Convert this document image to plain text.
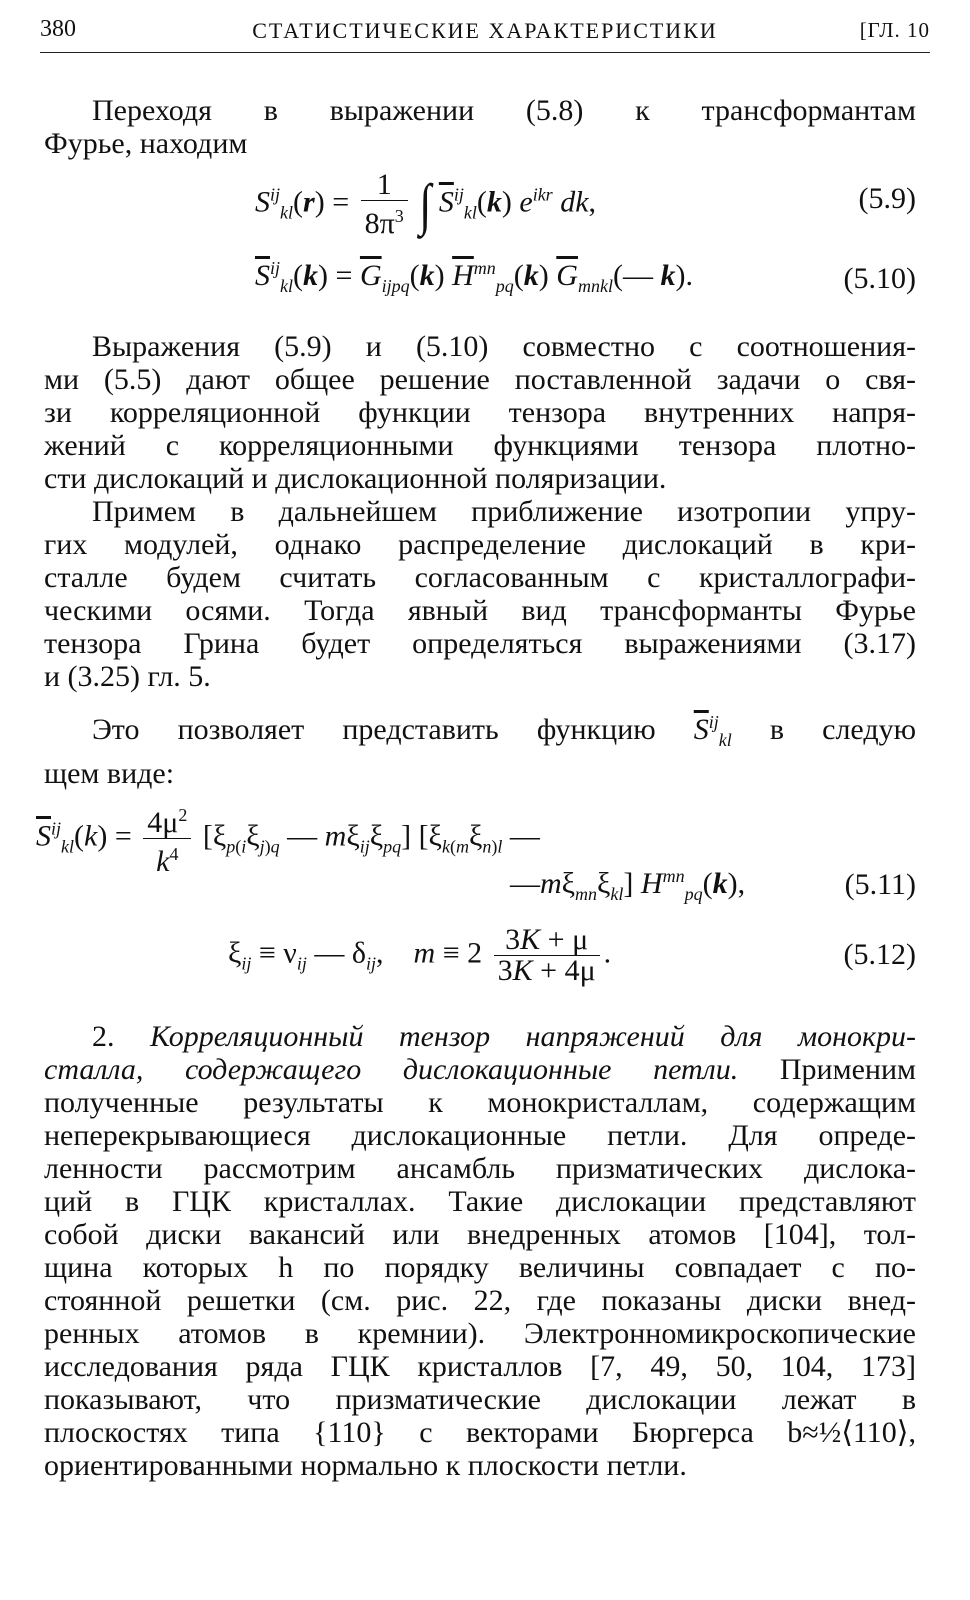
380	СТАТИСТИЧЕСКИЕ ХАРАКТЕРИСТИКИ	[ГЛ. 10
Переходя в выражении (5.8) к трансформантам
Фурье, находим
$S^{ij}_{kl}(r) = \frac{1}{8\pi^3}$ ∫ $\overline{S}^{ij}_{kl}(k)$ $e^{ikr}$ dk,	(5.9)
$\overline{S}^{ij}_{kl}(k) = \overline{G}_{ijpq}(k)$ $\overline{H}^{mn}_{pq}(k)$ $\overline{G}_{mnkl}(—$ k).	(5.10)
Выражения (5.9) и (5.10) совместно с соотношения-
ми (5.5) дают общее решение поставленной задачи о свя-
зи корреляционной функции тензора внутренних напря-
жений с корреляционными функциями тензора плотно-
сти дислокаций и дислокационной поляризации.
Примем в дальнейшем приближение изотропии упру-
гих модулей, однако распределение дислокаций в кри-
сталле будем считать согласованным с кристаллографи-
ческими осями. Тогда явный вид трансформанты Фурье
тензора Грина будет определяться выражениями (3.17)
и (3.25) гл. 5.
Это позволяет представить функцию $\overline{S}^{ij}_{kl}$ в следую
щем виде:
$\overline{S}^{ij}_{kl}(k) = \frac{4\mu^2}{k^4} [\xi_{p(i}\xi_{j)q}$ — $m\xi_{ij}\xi_{pq}$] [$\xi_{k(m}\xi_{n)l}$ —
$—m\xi_{mn}\xi_{kl}$] $H^{mn}_{pq}(k)$,	(5.11)
$\xi_{ij} \equiv \nu_{ij}$ — $\delta_{ij}$,    $m \equiv 2 \frac{3K + \mu}{3K + 4\mu}$ .	(5.12)
2. Корреляционный тензор напряжений для монокри-
сталла, содержащего дислокационные петли. Применим
полученные результаты к монокристаллам, содержащим
неперекрывающиеся дислокационные петли. Для опреде-
ленности рассмотрим ансамбль призматических дислока-
ций в ГЦК кристаллах. Такие дислокации представляют
собой диски вакансий или внедренных атомов [104], тол-
щина которых h по порядку величины совпадает с по-
стоянной решетки (см. рис. 22, где показаны диски внед-
ренных атомов в кремнии). Электронномикроскопические
исследования ряда ГЦК кристаллов [7, 49, 50, 104, 173]
показывают, что призматические дислокации лежат в
плоскостях типа {110} с векторами Бюргерса b≈½⟨110⟩,
ориентированными нормально к плоскости петли.
